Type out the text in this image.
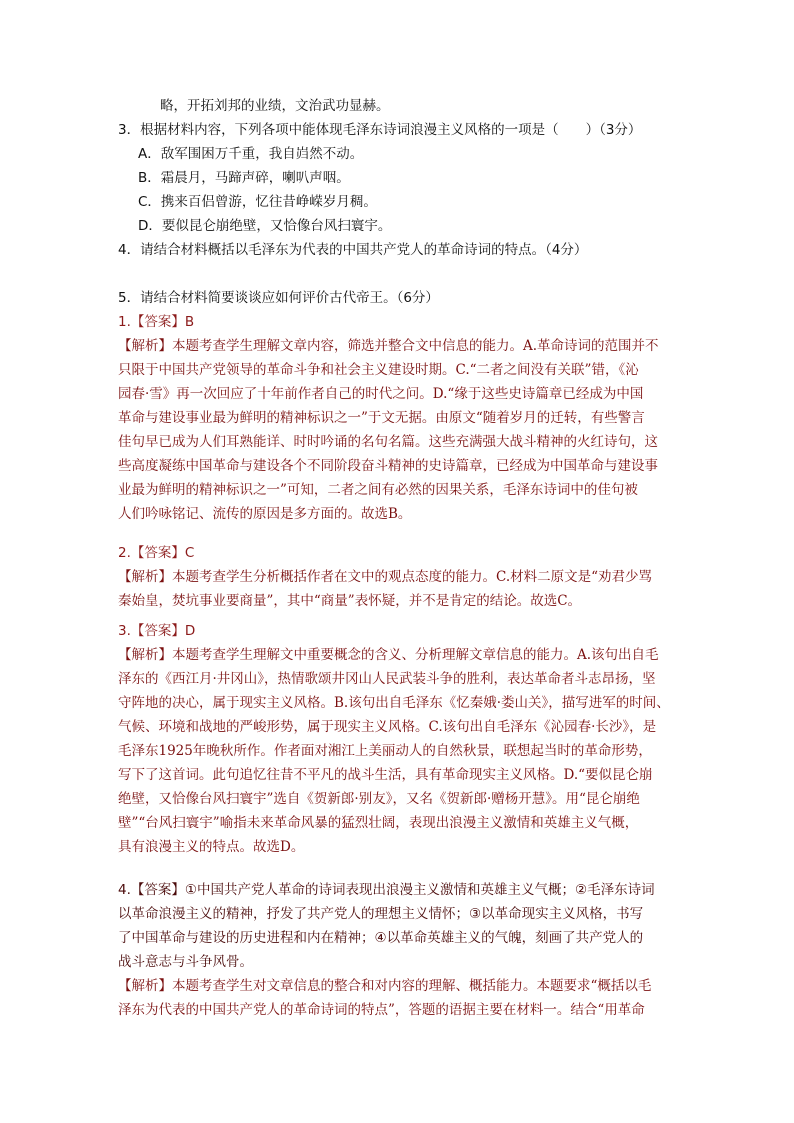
略，开拓刘邦的业绩，文治武功显赫。
3．根据材料内容，下列各项中能体现毛泽东诗词浪漫主义风格的一项是（　　）（3分）
A．敌军围困万千重，我自岿然不动。
B．霜晨月，马蹄声碎，喇叭声咽。
C．携来百侣曾游，忆往昔峥嵘岁月稠。
D．要似昆仑崩绝壁，又恰像台风扫寰宇。
4．请结合材料概括以毛泽东为代表的中国共产党人的革命诗词的特点。（4分）
5．请结合材料简要谈谈应如何评价古代帝王。（6分）
1.【答案】B
【解析】本题考查学生理解文章内容，筛选并整合文中信息的能力。A.革命诗词的范围并不
只限于中国共产党领导的革命斗争和社会主义建设时期。C.“二者之间没有关联”错，《沁
园春·雪》再一次回应了十年前作者自己的时代之问。D.“缘于这些史诗篇章已经成为中国
革命与建设事业最为鲜明的精神标识之一”于文无据。由原文“随着岁月的迁转，有些警言
佳句早已成为人们耳熟能详、时时吟诵的名句名篇。这些充满强大战斗精神的火红诗句，这
些高度凝练中国革命与建设各个不同阶段奋斗精神的史诗篇章，已经成为中国革命与建设事
业最为鲜明的精神标识之一”可知，二者之间有必然的因果关系，毛泽东诗词中的佳句被
人们吟咏铭记、流传的原因是多方面的。故选B。
2.【答案】C
【解析】本题考查学生分析概括作者在文中的观点态度的能力。C.材料二原文是“劝君少骂
秦始皇，焚坑事业要商量”，其中“商量”表怀疑，并不是肯定的结论。故选C。
3.【答案】D
【解析】本题考查学生理解文中重要概念的含义、分析理解文章信息的能力。A.该句出自毛
泽东的《西江月·井冈山》，热情歌颂井冈山人民武装斗争的胜利，表达革命者斗志昂扬，坚
守阵地的决心，属于现实主义风格。B.该句出自毛泽东《忆秦娥·娄山关》，描写进军的时间、
气候、环境和战地的严峻形势，属于现实主义风格。C.该句出自毛泽东《沁园春·长沙》，是
毛泽东1925年晚秋所作。作者面对湘江上美丽动人的自然秋景，联想起当时的革命形势，
写下了这首词。此句追忆往昔不平凡的战斗生活，具有革命现实主义风格。D.“要似昆仑崩
绝壁，又恰像台风扫寰宇”选自《贺新郎·别友》，又名《贺新郎·赠杨开慧》。用“昆仑崩绝
壁”“台风扫寰宇”喻指未来革命风暴的猛烈壮阔，表现出浪漫主义激情和英雄主义气概，
具有浪漫主义的特点。故选D。
4.【答案】①中国共产党人革命的诗词表现出浪漫主义激情和英雄主义气概；②毛泽东诗词
以革命浪漫主义的精神，抒发了共产党人的理想主义情怀；③以革命现实主义风格，书写
了中国革命与建设的历史进程和内在精神；④以革命英雄主义的气魄，刻画了共产党人的
战斗意志与斗争风骨。
【解析】本题考查学生对文章信息的整合和对内容的理解、概括能力。本题要求“概括以毛
泽东为代表的中国共产党人的革命诗词的特点”，答题的语据主要在材料一。结合“用革命
